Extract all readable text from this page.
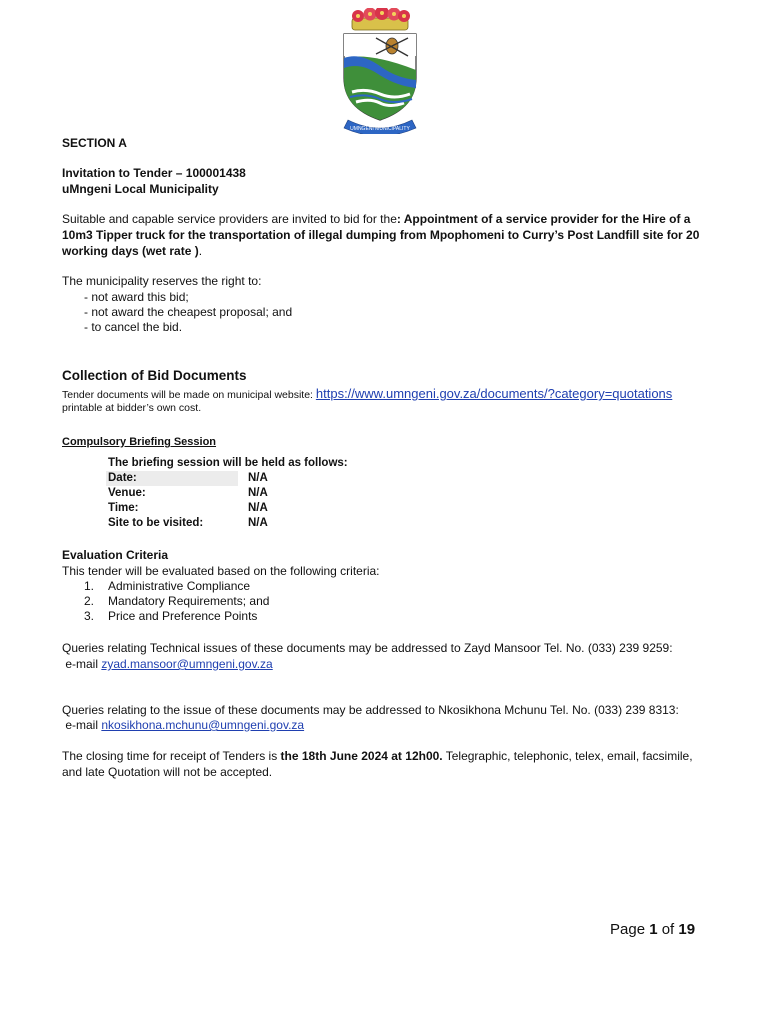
UMNGENI MUNICIPALITY
SECTION A
Invitation to Tender – 100001438
uMngeni Local Municipality
Suitable and capable service providers are invited to bid for the: Appointment of a service provider for the Hire of a
10m3 Tipper truck for the transportation of illegal dumping from Mpophomeni to Curry’s Post Landfill site for 20
working days (wet rate ).
The municipality reserves the right to:
- not award this bid;
- not award the cheapest proposal; and
- to cancel the bid.
Collection of Bid Documents
Tender documents will be made on municipal website: https://www.umngeni.gov.za/documents/?category=quotations
printable at bidder’s own cost.
Compulsory Briefing Session
The briefing session will be held as follows:
Date:	N/A
Venue:	N/A
Time:	N/A
Site to be visited:	N/A
Evaluation Criteria
This tender will be evaluated based on the following criteria:
1. Administrative Compliance
2. Mandatory Requirements; and
3. Price and Preference Points
Queries relating Technical issues of these documents may be addressed to Zayd Mansoor Tel. No. (033) 239 9259:
e-mail zyad.mansoor@umngeni.gov.za
Queries relating to the issue of these documents may be addressed to Nkosikhona Mchunu Tel. No. (033) 239 8313:
e-mail nkosikhona.mchunu@umngeni.gov.za
The closing time for receipt of Tenders is the 18th June 2024 at 12h00. Telegraphic, telephonic, telex, email, facsimile,
and late Quotation will not be accepted.
Page 1 of 19
